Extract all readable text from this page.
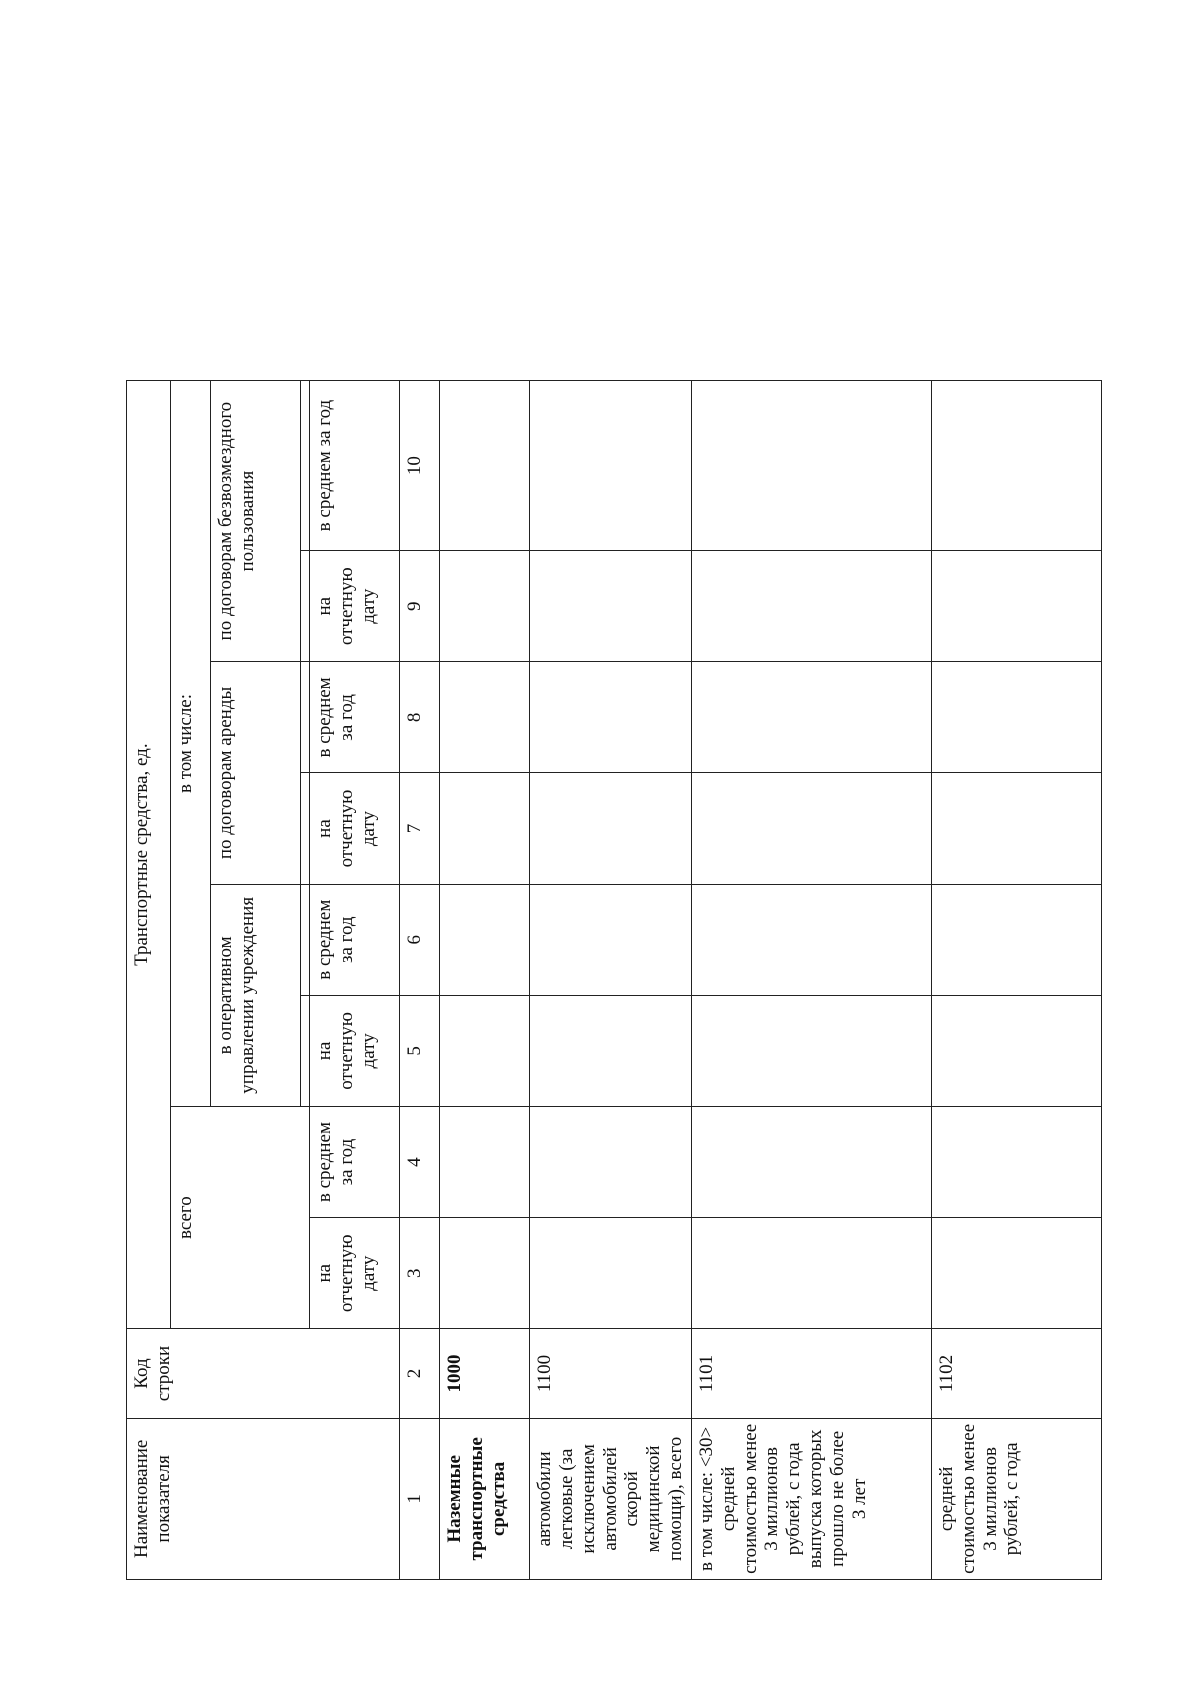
Наименование показателя	Код строки	Транспортные средства, ед.							
		всего		в том числе:					
				в оперативном управлении учреждения		по договорам аренды		по договорам безвозмездного пользования	

		на отчетную дату	в среднем за год	на отчетную дату	в среднем за год	на отчетную дату	в среднем за год	на отчетную дату	в среднем за год
1	2	3	4	5	6	7	8	9	10
Наземные транспортные средства	1000								
автомобили легковые (за исключением автомобилей скорой медицинской помощи), всего	1100								
в том числе: <30> средней стоимостью менее 3 миллионов рублей, с года выпуска которых прошло не более 3 лет	1101								
средней стоимостью менее 3 миллионов рублей, с года	1102								
